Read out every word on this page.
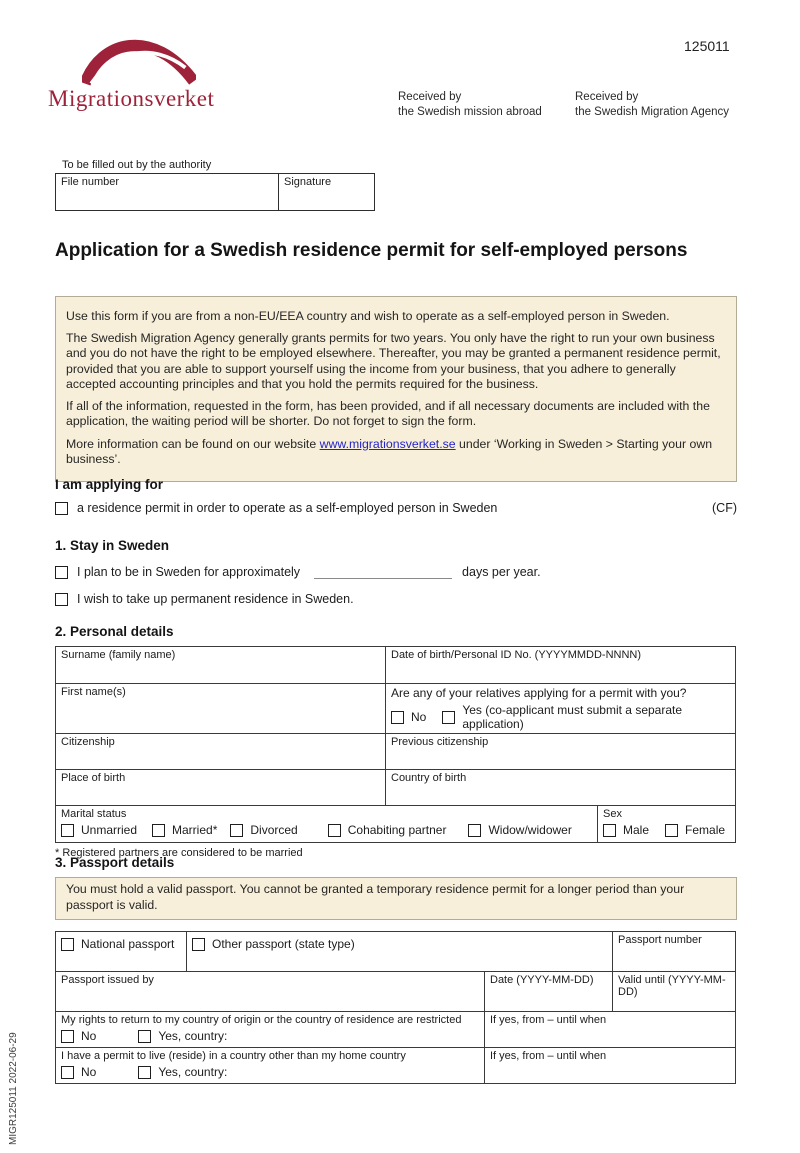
125011
Migrationsverket	Received by
the Swedish mission abroad
Received by
the Swedish Migration Agency
To be filled out by the authority
File number	Signature
Application for a Swedish residence permit for self-employed persons

Use this form if you are from a non-EU/EEA country and wish to operate as a self-employed person in Sweden.

The Swedish Migration Agency generally grants permits for two years. You only have the right to run your own business and you do not have the right to be employed elsewhere. Thereafter, you may be granted a permanent residence permit, provided that you are able to support yourself using the income from your business, that you adhere to generally accepted accounting principles and that you hold the permits required for the business.

If all of the information, requested in the form, has been provided, and if all necessary documents are included with the application, the waiting period will be shorter. Do not forget to sign the form.

More information can be found on our website www.migrationsverket.se under ‘Working in Sweden > Starting your own business’.

I am applying for
a residence permit in order to operate as a self-employed person in Sweden	(CF)
1. Stay in Sweden
I plan to be in Sweden for approximately	days per year.
I wish to take up permanent residence in Sweden.
2. Personal details
Surname (family name)	Date of birth/Personal ID No. (YYYYMMDD-NNNN)	
First name(s)	Are any of your relatives applying for a permit with you?
No Yes (co-applicant must submit a separate application)	

Citizenship	Previous citizenship	
Place of birth	Country of birth	

Marital status
Unmarried	Married*	Divorced	Cohabiting partner	Widow/widower

Sex
Male	Female
* Registered partners are considered to be married
3. Passport details
You must hold a valid passport. You cannot be granted a temporary residence permit for a longer period than your passport is valid.
National passport	Other passport (state type)		Passport number
Passport issued by		Date (YYYY-MM-DD)	Valid until (YYYY-MM-DD)

My rights to return to my country of origin or the country of residence are restricted
No Yes, country:		If yes, from – until when	

I have a permit to live (reside) in a country other than my home country
No Yes, country:		If yes, from – until when	
MIGR125011 2022-06-29
